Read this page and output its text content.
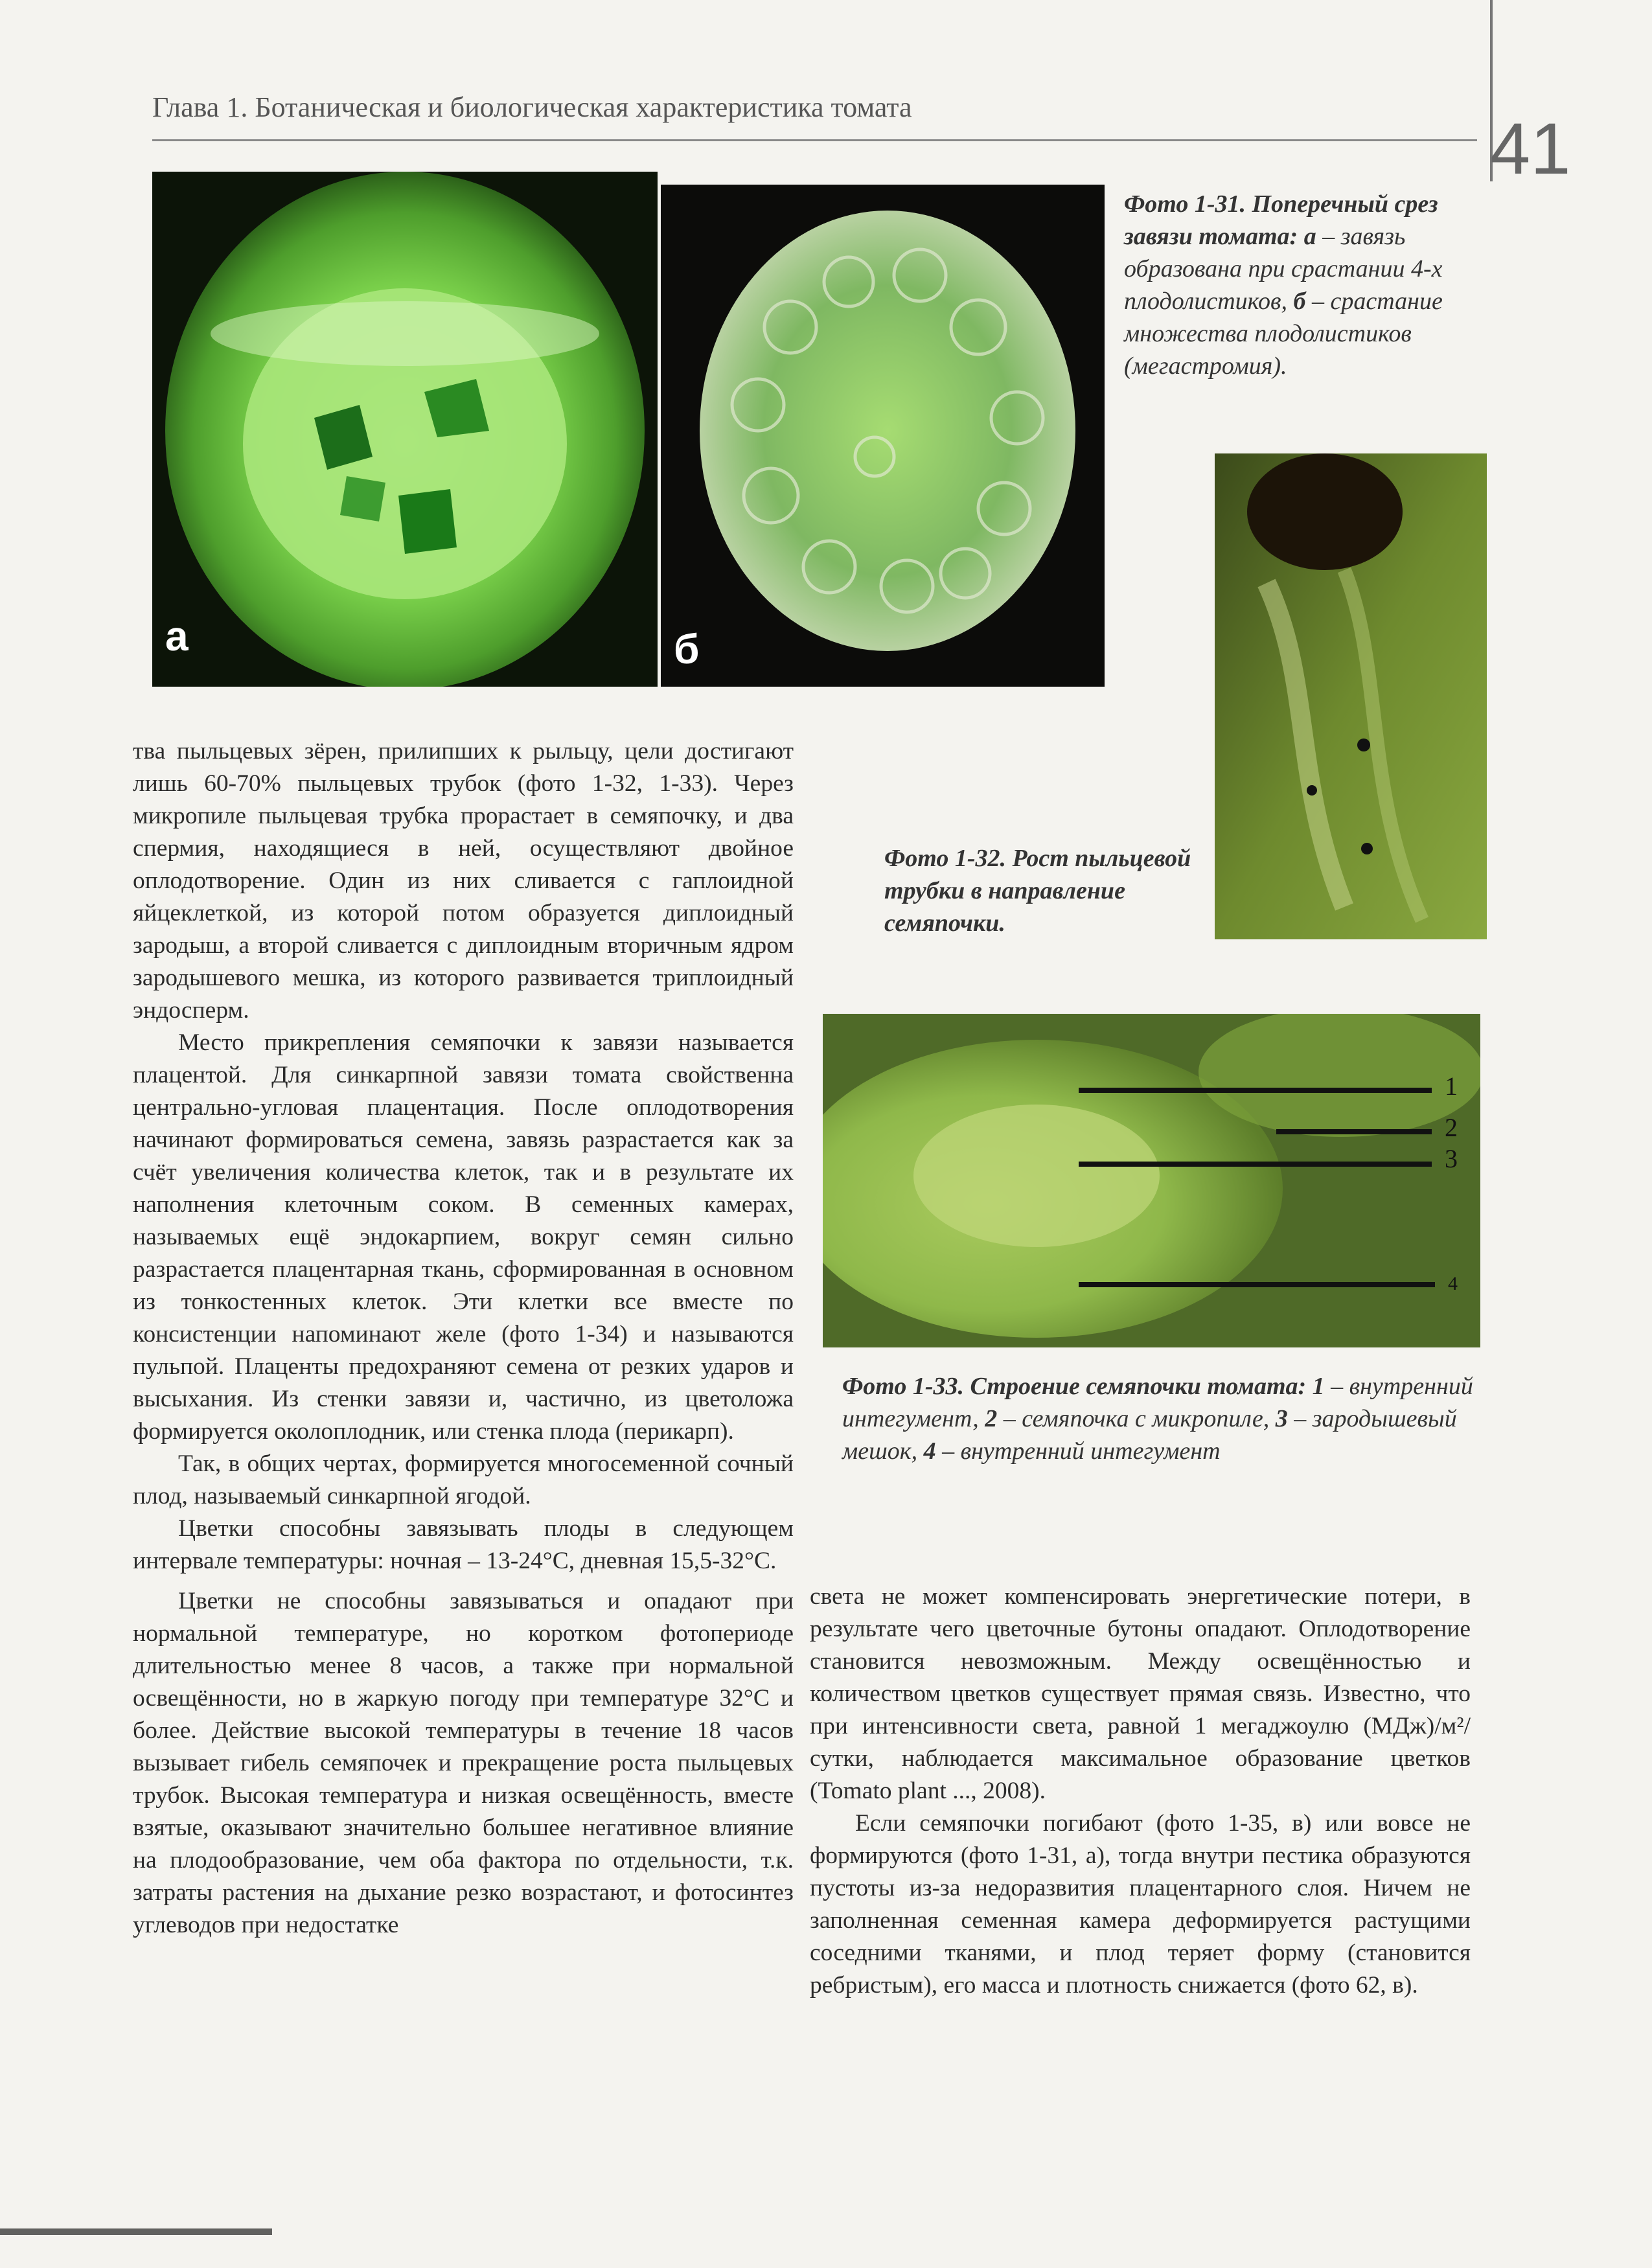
Глава 1. Ботаническая и биологическая характеристика томата
41
а	б
Фото 1-31. Поперечный срез завязи томата: а – завязь образована при срастании 4-х плодолистиков, б – срастание множества плодолистиков (мегастромия).
Фото 1-32. Рост пыльцевой трубки в направление семяпочки.
1
2
3
4
Фото 1-33. Строение семяпочки томата: 1 – внутренний интегумент, 2 – семяпочка с микропиле, 3 – зародышевый мешок, 4 – внутренний интегумент

тва пыльцевых зёрен, прилипших к рыльцу, цели достигают лишь 60-70% пыльцевых трубок (фото 1-32, 1-33). Через микропиле пыльцевая трубка прорастает в семяпочку, и два спермия, находящиеся в ней, осуществляют двойное оплодотворение. Один из них сливается с гаплоидной яйцеклеткой, из которой потом образуется диплоидный зародыш, а второй сливается с диплоидным вторичным ядром зародышевого мешка, из которого развивается триплоидный эндосперм.

Место прикрепления семяпочки к завязи называется плацентой. Для синкарпной завязи томата свойственна центрально-угловая плацентация. После оплодотворения начинают формироваться семена, завязь разрастается как за счёт увеличения количества клеток, так и в результате их наполнения клеточным соком. В семенных камерах, называемых ещё эндокарпием, вокруг семян сильно разрастается плацентарная ткань, сформированная в основном из тонкостенных клеток. Эти клетки все вместе по консистенции напоминают желе (фото 1-34) и называются пульпой. Плаценты предохраняют семена от резких ударов и высыхания. Из стенки завязи и, частично, из цветоложа формируется околоплодник, или стенка плода (перикарп).

Так, в общих чертах, формируется многосеменной сочный плод, называемый синкарпной ягодой.

Цветки способны завязывать плоды в следующем интервале температуры: ночная – 13-24°С, дневная 15,5-32°С.

Цветки не способны завязываться и опадают при нормальной температуре, но коротком фотопериоде длительностью менее 8 часов, а также при нормальной освещённости, но в жаркую погоду при температуре 32°С и более. Действие высокой температуры в течение 18 часов вызывает гибель семяпочек и прекращение роста пыльцевых трубок. Высокая температура и низкая освещённость, вместе взятые, оказывают значительно большее негативное влияние на плодообразование, чем оба фактора по отдельности, т.к. затраты растения на дыхание резко возрастают, и фотосинтез углеводов при недостатке

света не может компенсировать энергетические потери, в результате чего цветочные бутоны опадают. Оплодотворение становится невозможным. Между освещённостью и количеством цветков существует прямая связь. Известно, что при интенсивности света, равной 1 мегаджоулю (МДж)/м²/сутки, наблюдается максимальное образование цветков (Tomato plant ..., 2008).

Если семяпочки погибают (фото 1-35, в) или вовсе не формируются (фото 1-31, а), тогда внутри пестика образуются пустоты из-за недоразвития плацентарного слоя. Ничем не заполненная семенная камера деформируется растущими соседними тканями, и плод теряет форму (становится ребристым), его масса и плотность снижается (фото 62, в).
